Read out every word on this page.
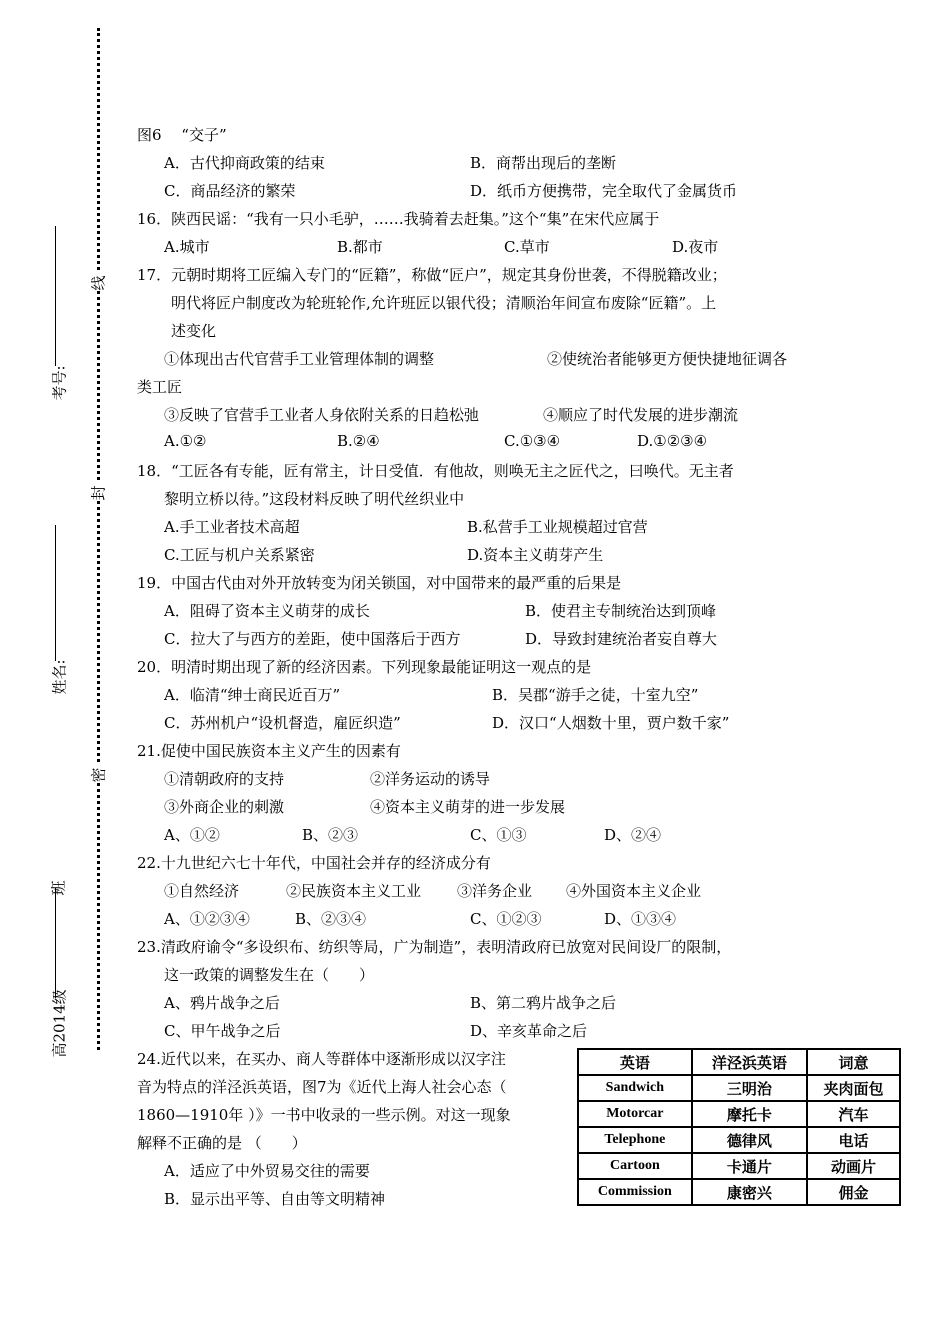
考号:
姓名:
班
高2014级
线
封
密
图6　 “交子”
A．古代抑商政策的结束	B．商帮出现后的垄断
C．商品经济的繁荣	D．纸币方便携带，完全取代了金属货币
16．陕西民谣：“我有一只小毛驴，……我骑着去赶集。”这个“集”在宋代应属于
A.城市	B.都市	C.草市	D.夜市
17．元朝时期将工匠编入专门的“匠籍”，称做“匠户”，规定其身份世袭，不得脱籍改业；
明代将匠户制度改为轮班轮作,允许班匠以银代役；清顺治年间宣布废除“匠籍”。上
述变化
①体现出古代官营手工业管理体制的调整	②使统治者能够更方便快捷地征调各
类工匠
③反映了官营手工业者人身依附关系的日趋松弛	④顺应了时代发展的进步潮流
A.①②	B.②④	C.①③④	D.①②③④
18．“工匠各有专能，匠有常主，计日受值．有他故，则唤无主之匠代之，曰唤代。无主者
黎明立桥以待。”这段材料反映了明代丝织业中
A.手工业者技术高超	B.私营手工业规模超过官营
C.工匠与机户关系紧密	D.资本主义萌芽产生
19．中国古代由对外开放转变为闭关锁国，对中国带来的最严重的后果是
A．阻碍了资本主义萌芽的成长	B．使君主专制统治达到顶峰
C．拉大了与西方的差距，使中国落后于西方	D．导致封建统治者妄自尊大
20．明清时期出现了新的经济因素。下列现象最能证明这一观点的是
A．临清“绅士商民近百万”	B．吴郡“游手之徒，十室九空”
C．苏州机户“设机督造，雇匠织造”	D．汉口“人烟数十里，贾户数千家”
21.促使中国民族资本主义产生的因素有
①清朝政府的支持	②洋务运动的诱导
③外商企业的刺激	④资本主义萌芽的进一步发展
A、①②	B、②③	C、①③	D、②④
22.十九世纪六七十年代，中国社会并存的经济成分有
①自然经济	②民族资本主义工业 ③洋务企业 ④外国资本主义企业
A、①②③④	B、②③④	C、①②③	D、①③④
23.清政府谕令“多设织布、纺织等局，广为制造”，表明清政府已放宽对民间设厂的限制，
这一政策的调整发生在（　　）
A、鸦片战争之后	B、第二鸦片战争之后
C、甲午战争之后	D、辛亥革命之后
24.近代以来，在买办、商人等群体中逐渐形成以汉字注
音为特点的洋泾浜英语，图7为《近代上海人社会心态（
1860—1910年 ）》一书中收录的一些示例。对这一现象
解释不正确的是 （　　）
A．适应了中外贸易交往的需要
B．显示出平等、自由等文明精神
英语	洋泾浜英语	词意
Sandwich	三明治	夹肉面包
Motorcar	摩托卡	汽车
Telephone	德律风	电话
Cartoon	卡通片	动画片
Commission	康密兴	佣金
